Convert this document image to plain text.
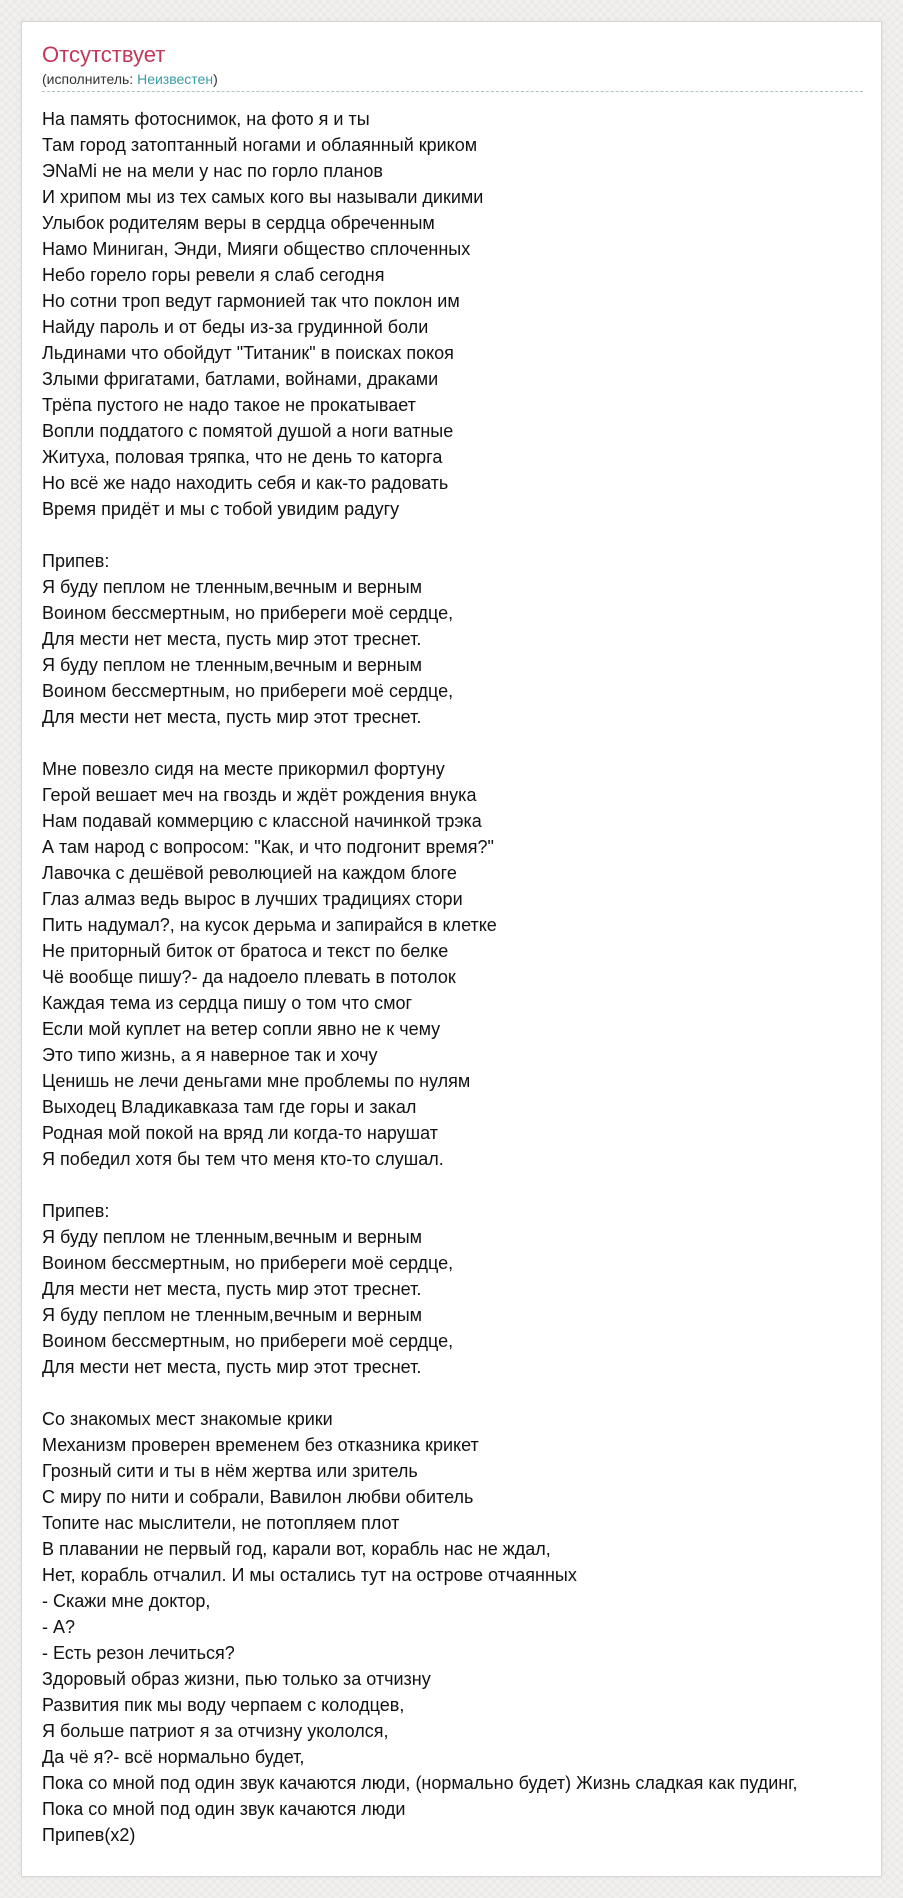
Отсутствует
(исполнитель: Неизвестен)
На память фотоснимок, на фото я и ты
Там город затоптанный ногами и облаянный криком
ЭNaMi не на мели у нас по горло планов
И хрипом мы из тех самых кого вы называли дикими
Улыбок родителям веры в сердца обреченным
Намо Миниган, Энди, Мияги общество сплоченных
Небо горело горы ревели я слаб сегодня
Но сотни троп ведут гармонией так что поклон им
Найду пароль и от беды из-за грудинной боли
Льдинами что обойдут "Титаник" в поисках покоя
Злыми фригатами, батлами, войнами, драками
Трёпа пустого не надо такое не прокатывает
Вопли поддатого с помятой душой а ноги ватные
Житуха, половая тряпка, что не день то каторга
Но всё же надо находить себя и как-то радовать
Время придёт и мы с тобой увидим радугу
Припев:
Я буду пеплом не тленным,вечным и верным
Воином бессмертным, но прибереги моё сердце,
Для мести нет места, пусть мир этот треснет.
Я буду пеплом не тленным,вечным и верным
Воином бессмертным, но прибереги моё сердце,
Для мести нет места, пусть мир этот треснет.
Мне повезло сидя на месте прикормил фортуну
Герой вешает меч на гвоздь и ждёт рождения внука
Нам подавай коммерцию с классной начинкой трэка
А там народ с вопросом: "Как, и что подгонит время?"
Лавочка с дешёвой революцией на каждом блоге
Глаз алмаз ведь вырос в лучших традициях стори
Пить надумал?, на кусок дерьма и запирайся в клетке
Не приторный биток от братоса и текст по белке
Чё вообще пишу?- да надоело плевать в потолок
Каждая тема из сердца пишу о том что смог
Если мой куплет на ветер сопли явно не к чему
Это типо жизнь, а я наверное так и хочу
Ценишь не лечи деньгами мне проблемы по нулям
Выходец Владикавказа там где горы и закал
Родная мой покой на вряд ли когда-то нарушат
Я победил хотя бы тем что меня кто-то слушал.
Припев:
Я буду пеплом не тленным,вечным и верным
Воином бессмертным, но прибереги моё сердце,
Для мести нет места, пусть мир этот треснет.
Я буду пеплом не тленным,вечным и верным
Воином бессмертным, но прибереги моё сердце,
Для мести нет места, пусть мир этот треснет.
Со знакомых мест знакомые крики
Механизм проверен временем без отказника крикет
Грозный сити и ты в нём жертва или зритель
С миру по нити и собрали, Вавилон любви обитель
Топите нас мыслители, не потопляем плот
В плавании не первый год, карали вот, корабль нас не ждал,
Нет, корабль отчалил. И мы остались тут на острове отчаянных
- Скажи мне доктор,
- А?
- Есть резон лечиться?
Здоровый образ жизни, пью только за отчизну
Развития пик мы воду черпаем с колодцев,
Я больше патриот я за отчизну укололся,
Да чё я?- всё нормально будет,
Пока со мной под один звук качаются люди, (нормально будет) Жизнь сладкая как пудинг,
Пока со мной под один звук качаются люди
Припев(x2)
